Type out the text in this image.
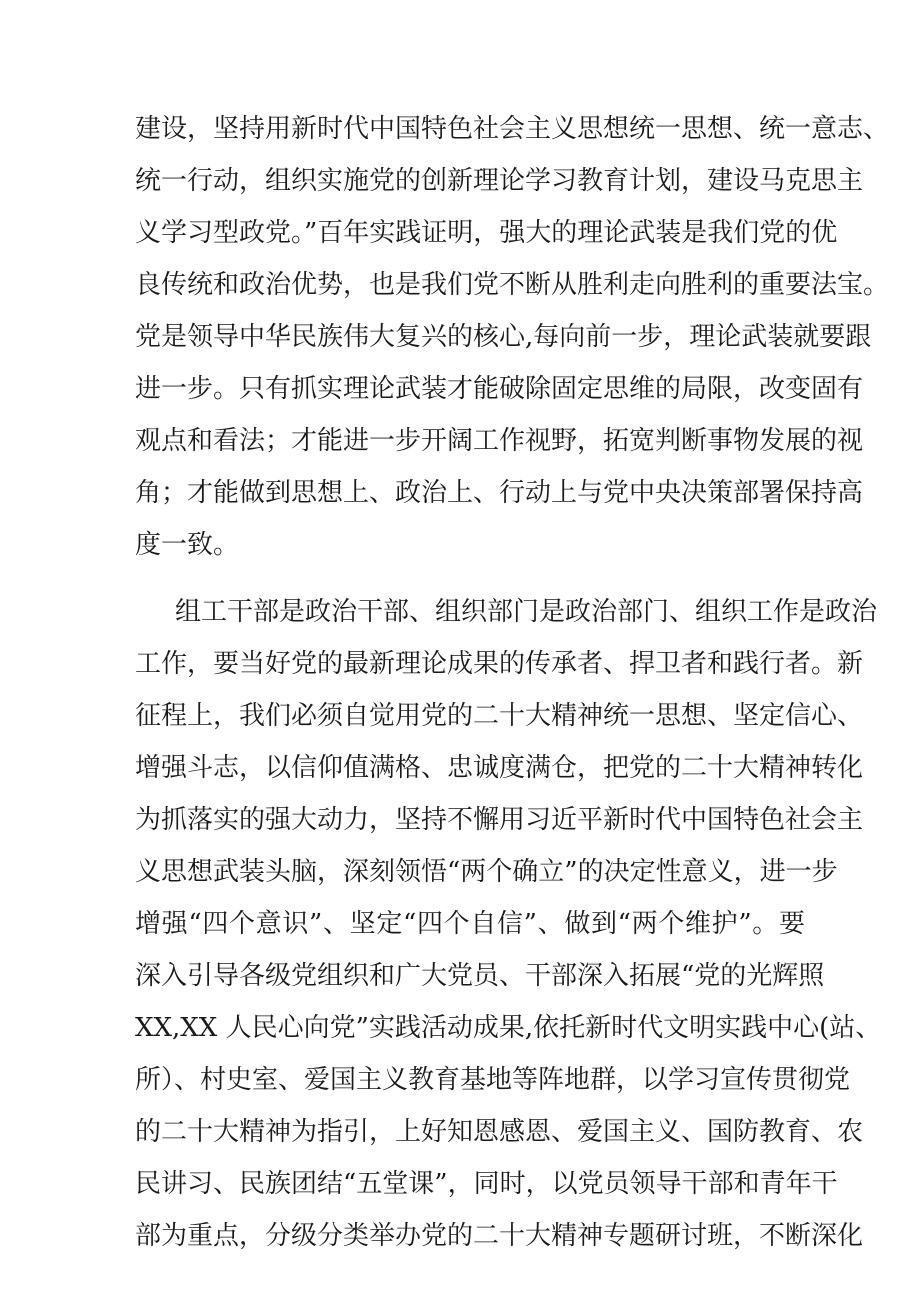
建设，坚持用新时代中国特色社会主义思想统一思想、统一意志、
统一行动，组织实施党的创新理论学习教育计划，建设马克思主
义学习型政党。”百年实践证明，强大的理论武装是我们党的优
良传统和政治优势，也是我们党不断从胜利走向胜利的重要法宝。
党是领导中华民族伟大复兴的核心,每向前一步，理论武装就要跟
进一步。只有抓实理论武装才能破除固定思维的局限，改变固有
观点和看法；才能进一步开阔工作视野，拓宽判断事物发展的视
角；才能做到思想上、政治上、行动上与党中央决策部署保持高
度一致。
组工干部是政治干部、组织部门是政治部门、组织工作是政治
工作，要当好党的最新理论成果的传承者、捍卫者和践行者。新
征程上，我们必须自觉用党的二十大精神统一思想、坚定信心、
增强斗志，以信仰值满格、忠诚度满仓，把党的二十大精神转化
为抓落实的强大动力，坚持不懈用习近平新时代中国特色社会主
义思想武装头脑，深刻领悟“两个确立”的决定性意义，进一步
增强“四个意识”、坚定“四个自信”、做到“两个维护”。要
深入引导各级党组织和广大党员、干部深入拓展“党的光辉照
XX,XX 人民心向党”实践活动成果,依托新时代文明实践中心(站、
所）、村史室、爱国主义教育基地等阵地群，以学习宣传贯彻党
的二十大精神为指引，上好知恩感恩、爱国主义、国防教育、农
民讲习、民族团结“五堂课”，同时，以党员领导干部和青年干
部为重点，分级分类举办党的二十大精神专题研讨班，不断深化
